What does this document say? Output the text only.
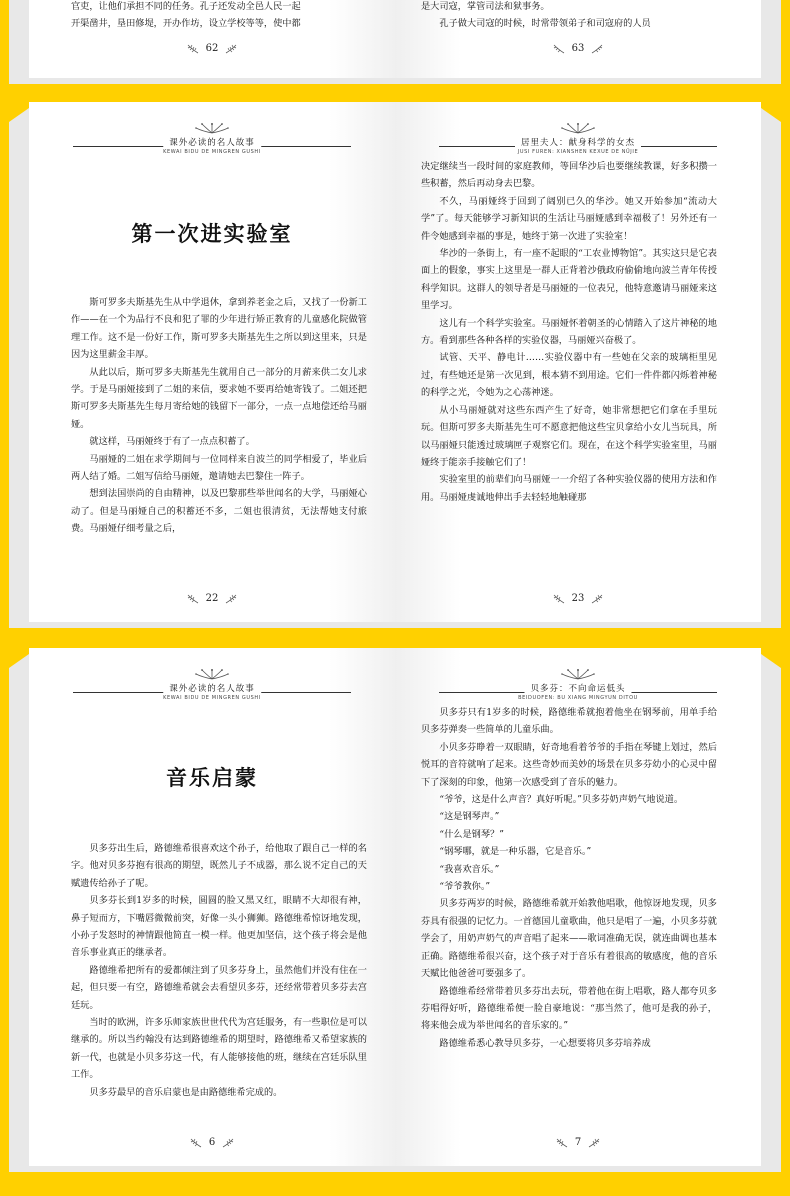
官吏，让他们承担不同的任务。孔子还发动全邑人民一起

开渠凿井，垦田修堤，开办作坊，设立学校等等，使中都

62

是大司寇，掌管司法和狱事务。

孔子做大司寇的时候，时常带领弟子和司寇府的人员

63
课外必读的名人故事
KEWAI BIDU DE MINGREN GUSHI
第一次进实验室

斯可罗多夫斯基先生从中学退休，拿到养老金之后，又找了一份新工作——在一个为品行不良和犯了罪的少年进行矫正教育的儿童感化院做管理工作。这不是一份好工作，斯可罗多夫斯基先生之所以到这里来，只是因为这里薪金丰厚。

从此以后，斯可罗多夫斯基先生就用自己一部分的月薪来供二女儿求学。于是马丽娅接到了二姐的来信，要求她不要再给她寄钱了。二姐还把斯可罗多夫斯基先生每月寄给她的钱留下一部分，一点一点地偿还给马丽娅。

就这样，马丽娅终于有了一点点积蓄了。

马丽娅的二姐在求学期间与一位同样来自波兰的同学相爱了，毕业后两人结了婚。二姐写信给马丽娅，邀请她去巴黎住一阵子。

想到法国崇尚的自由精神，以及巴黎那些举世闻名的大学，马丽娅心动了。但是马丽娅自己的积蓄还不多，二姐也很清贫，无法帮她支付旅费。马丽娅仔细考量之后，

22
居里夫人：献身科学的女杰
JUSI FUREN: XIANSHEN KEXUE DE NÜJIE

决定继续当一段时间的家庭教师，等回华沙后也要继续教课，好多积攒一些积蓄，然后再动身去巴黎。

不久，马丽娅终于回到了阔别已久的华沙。她又开始参加“流动大学”了。每天能够学习新知识的生活让马丽娅感到幸福极了！另外还有一件令她感到幸福的事是，她终于第一次进了实验室！

华沙的一条街上，有一座不起眼的“工农业博物馆”。其实这只是它表面上的假象，事实上这里是一群人正背着沙俄政府偷偷地向波兰青年传授科学知识。这群人的领导者是马丽娅的一位表兄，他特意邀请马丽娅来这里学习。

这儿有一个科学实验室。马丽娅怀着朝圣的心情踏入了这片神秘的地方。看到那些各种各样的实验仪器，马丽娅兴奋极了。

试管、天平、静电计……实验仪器中有一些她在父亲的玻璃柜里见过，有些她还是第一次见到，根本猜不到用途。它们一件件都闪烁着神秘的科学之光，令她为之心荡神迷。

从小马丽娅就对这些东西产生了好奇，她非常想把它们拿在手里玩玩。但斯可罗多夫斯基先生可不愿意把他这些宝贝拿给小女儿当玩具，所以马丽娅只能透过玻璃匣子观察它们。现在，在这个科学实验室里，马丽娅终于能亲手接触它们了！

实验室里的前辈们向马丽娅一一介绍了各种实验仪器的使用方法和作用。马丽娅虔诚地伸出手去轻轻地触碰那

23
课外必读的名人故事
KEWAI BIDU DE MINGREN GUSHI
音乐启蒙

贝多芬出生后，路德维希很喜欢这个孙子，给他取了跟自己一样的名字。他对贝多芬抱有很高的期望，既然儿子不成器，那么说不定自己的天赋遗传给孙子了呢。

贝多芬长到1岁多的时候，圆圆的脸又黑又红，眼睛不大却很有神，鼻子短而方，下嘴唇微微前突，好像一头小狮狮。路德维希惊讶地发现，小孙子发怒时的神情跟他简直一模一样。他更加坚信，这个孩子将会是他音乐事业真正的继承者。

路德维希把所有的爱都倾注到了贝多芬身上，虽然他们并没有住在一起，但只要一有空，路德维希就会去看望贝多芬，还经常带着贝多芬去宫廷玩。

当时的欧洲，许多乐师家族世世代代为宫廷服务，有一些职位是可以继承的。所以当约翰没有达到路德维希的期望时，路德维希又希望家族的新一代，也就是小贝多芬这一代，有人能够接他的班，继续在宫廷乐队里工作。

贝多芬最早的音乐启蒙也是由路德维希完成的。

6
贝多芬：不向命运低头
BEIDUOFEN: BU XIANG MINGYUN DITOU

贝多芬只有1岁多的时候，路德维希就抱着他坐在钢琴前，用单手给贝多芬弹奏一些简单的儿童乐曲。

小贝多芬睁着一双眼睛，好奇地看着爷爷的手指在琴键上划过，然后悦耳的音符就响了起来。这些奇妙而美妙的场景在贝多芬幼小的心灵中留下了深刻的印象，他第一次感受到了音乐的魅力。

“爷爷，这是什么声音？真好听呢。”贝多芬奶声奶气地说道。

“这是钢琴声。”

“什么是钢琴？”

“钢琴哪，就是一种乐器，它是音乐。”

“我喜欢音乐。”

“爷爷教你。”

贝多芬两岁的时候，路德维希就开始教他唱歌，他惊讶地发现，贝多芬具有很强的记忆力。一首德国儿童歌曲，他只是唱了一遍，小贝多芬就学会了，用奶声奶气的声音唱了起来——歌词准确无误，就连曲调也基本正确。路德维希很兴奋，这个孩子对于音乐有着很高的敏感度，他的音乐天赋比他爸爸可要强多了。

路德维希经常带着贝多芬出去玩，带着他在街上唱歌，路人都夸贝多芬唱得好听，路德维希便一脸自豪地说：“那当然了，他可是我的孙子，将来他会成为举世闻名的音乐家的。”

路德维希悉心教导贝多芬，一心想要将贝多芬培养成

7
